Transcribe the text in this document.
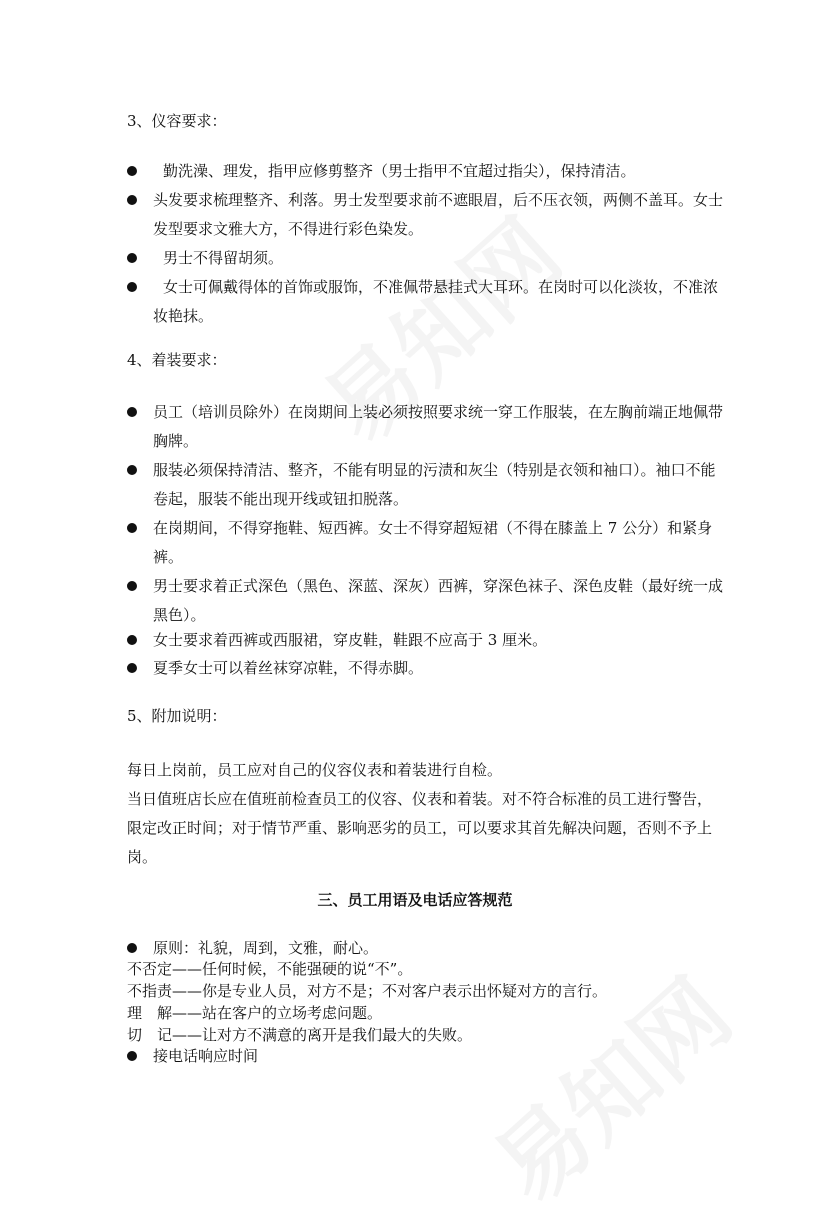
3、仪容要求：
勤洗澡、理发，指甲应修剪整齐（男士指甲不宜超过指尖），保持清洁。
头发要求梳理整齐、利落。男士发型要求前不遮眼眉，后不压衣领，两侧不盖耳。女士发型要求文雅大方，不得进行彩色染发。
男士不得留胡须。
女士可佩戴得体的首饰或服饰，不准佩带悬挂式大耳环。在岗时可以化淡妆，不准浓妆艳抹。
4、着装要求：
员工（培训员除外）在岗期间上装必须按照要求统一穿工作服装，在左胸前端正地佩带胸牌。
服装必须保持清洁、整齐，不能有明显的污渍和灰尘（特别是衣领和袖口）。袖口不能卷起，服装不能出现开线或钮扣脱落。
在岗期间，不得穿拖鞋、短西裤。女士不得穿超短裙（不得在膝盖上 7 公分）和紧身裤。
男士要求着正式深色（黑色、深蓝、深灰）西裤，穿深色袜子、深色皮鞋（最好统一成黑色）。
女士要求着西裤或西服裙，穿皮鞋，鞋跟不应高于 3 厘米。
夏季女士可以着丝袜穿凉鞋，不得赤脚。
5、附加说明：
每日上岗前，员工应对自己的仪容仪表和着装进行自检。
当日值班店长应在值班前检查员工的仪容、仪表和着装。对不符合标准的员工进行警告，限定改正时间；对于情节严重、影响恶劣的员工，可以要求其首先解决问题，否则不予上岗。
三、员工用语及电话应答规范
原则：礼貌，周到，文雅，耐心。
不否定——任何时候，不能强硬的说“不”。
不指责——你是专业人员，对方不是；不对客户表示出怀疑对方的言行。
理　解——站在客户的立场考虑问题。
切　记——让对方不满意的离开是我们最大的失败。
接电话响应时间
